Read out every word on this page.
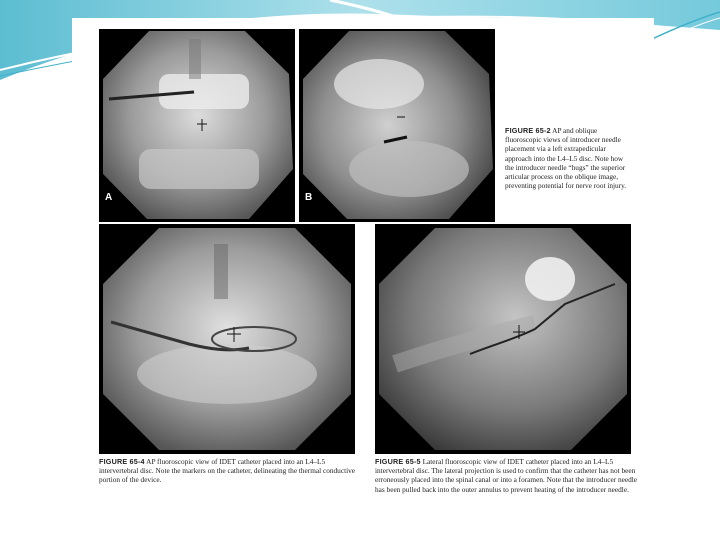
A	B
FIGURE 65-2 AP and oblique fluoroscopic views of introducer needle placement via a left extrapedicular approach into the L4–L5 disc. Note how the introducer needle “hugs” the superior articular process on the oblique image, preventing potential for nerve root injury.
FIGURE 65-4 AP fluoroscopic view of IDET catheter placed into an L4–L5 intervertebral disc. Note the markers on the catheter, delineating the thermal conductive portion of the device.
FIGURE 65-5 Lateral fluoroscopic view of IDET catheter placed into an L4–L5 intervertebral disc. The lateral projection is used to confirm that the catheter has not been erroneously placed into the spinal canal or into a foramen. Note that the introducer needle has been pulled back into the outer annulus to prevent heating of the introducer needle.
